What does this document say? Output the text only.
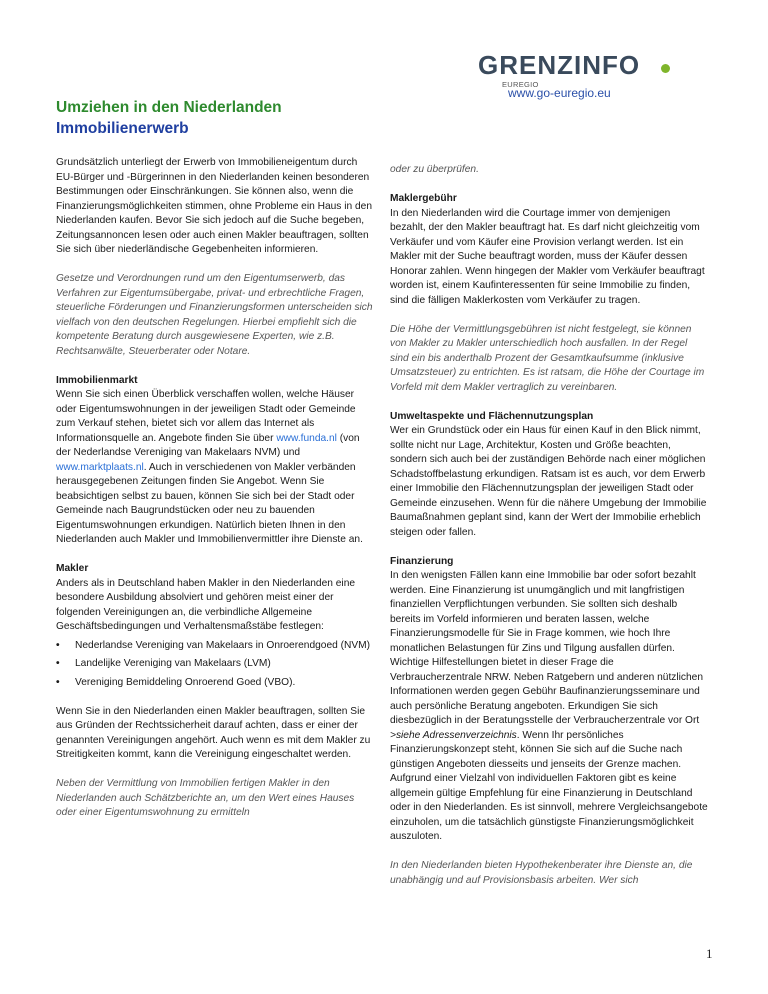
GRENZINFO
EUREGIO
www.go-euregio.eu
Umziehen in den Niederlanden
Immobilienerwerb

Grundsätzlich unterliegt der Erwerb von Immobilieneigentum durch EU-Bürger und -Bürgerinnen in den Niederlanden keinen besonderen Bestimmungen oder Einschränkungen. Sie können also, wenn die Finanzierungsmöglichkeiten stimmen, ohne Probleme ein Haus in den Niederlanden kaufen. Bevor Sie sich jedoch auf die Suche begeben, Zeitungsannoncen lesen oder auch einen Makler beauftragen, sollten Sie sich über niederländische Gegebenheiten informieren.

Gesetze und Verordnungen rund um den Eigentumserwerb, das Verfahren zur Eigentumsübergabe, privat- und erbrechtliche Fragen, steuerliche Förderungen und Finanzierungsformen unterscheiden sich vielfach von den deutschen Regelungen. Hierbei empfiehlt sich die kompetente Beratung durch ausgewiesene Experten, wie z.B. Rechtsanwälte, Steuerberater oder Notare.

Immobilienmarkt

Wenn Sie sich einen Überblick verschaffen wollen, welche Häuser oder Eigentumswohnungen in der jeweiligen Stadt oder Gemeinde zum Verkauf stehen, bietet sich vor allem das Internet als Informationsquelle an. Angebote finden Sie über www.funda.nl (von der Nederlandse Vereniging van Makelaars NVM) und www.marktplaats.nl. Auch in verschiedenen von Makler verbänden herausgegebenen Zeitungen finden Sie Angebot. Wenn Sie beabsichtigen selbst zu bauen, können Sie sich bei der Stadt oder Gemeinde nach Baugrundstücken oder neu zu bauenden Eigentumswohnungen erkundigen. Natürlich bieten Ihnen in den Niederlanden auch Makler und Immobilienvermittler ihre Dienste an.

Makler

Anders als in Deutschland haben Makler in den Niederlanden eine besondere Ausbildung absolviert und gehören meist einer der folgenden Vereinigungen an, die verbindliche Allgemeine Geschäftsbedingungen und Verhaltensmaßstäbe festlegen:

•	Nederlandse Vereniging van Makelaars in Onroerendgoed (NVM)
•	Landelijke Vereniging van Makelaars (LVM)
•	Vereniging Bemiddeling Onroerend Goed (VBO).

Wenn Sie in den Niederlanden einen Makler beauftragen, sollten Sie aus Gründen der Rechtssicherheit darauf achten, dass er einer der genannten Vereinigungen angehört. Auch wenn es mit dem Makler zu Streitigkeiten kommt, kann die Vereinigung eingeschaltet werden.

Neben der Vermittlung von Immobilien fertigen Makler in den Niederlanden auch Schätzberichte an, um den Wert eines Hauses oder einer Eigentumswohnung zu ermitteln

oder zu überprüfen.

Maklergebühr

In den Niederlanden wird die Courtage immer von demjenigen bezahlt, der den Makler beauftragt hat. Es darf nicht gleichzeitig vom Verkäufer und vom Käufer eine Provision verlangt werden. Ist ein Makler mit der Suche beauftragt worden, muss der Käufer dessen Honorar zahlen. Wenn hingegen der Makler vom Verkäufer beauftragt worden ist, einem Kaufinteressenten für seine Immobilie zu finden, sind die fälligen Maklerkosten vom Verkäufer zu tragen.

Die Höhe der Vermittlungsgebühren ist nicht festgelegt, sie können von Makler zu Makler unterschiedlich hoch ausfallen. In der Regel sind ein bis anderthalb Prozent der Gesamtkaufsumme (inklusive Umsatzsteuer) zu entrichten. Es ist ratsam, die Höhe der Courtage im Vorfeld mit dem Makler vertraglich zu vereinbaren.

Umweltaspekte und Flächennutzungsplan

Wer ein Grundstück oder ein Haus für einen Kauf in den Blick nimmt, sollte nicht nur Lage, Architektur, Kosten und Größe beachten, sondern sich auch bei der zuständigen Behörde nach einer möglichen Schadstoffbelastung erkundigen. Ratsam ist es auch, vor dem Erwerb einer Immobilie den Flächennutzungsplan der jeweiligen Stadt oder Gemeinde einzusehen. Wenn für die nähere Umgebung der Immobilie Baumaßnahmen geplant sind, kann der Wert der Immobilie erheblich steigen oder fallen.

Finanzierung

In den wenigsten Fällen kann eine Immobilie bar oder sofort bezahlt werden. Eine Finanzierung ist unumgänglich und mit langfristigen finanziellen Verpflichtungen verbunden. Sie sollten sich deshalb bereits im Vorfeld informieren und beraten lassen, welche Finanzierungsmodelle für Sie in Frage kommen, wie hoch Ihre monatlichen Belastungen für Zins und Tilgung ausfallen dürfen. Wichtige Hilfestellungen bietet in dieser Frage die Verbraucherzentrale NRW. Neben Ratgebern und anderen nützlichen Informationen werden gegen Gebühr Baufinanzierungsseminare und auch persönliche Beratung angeboten. Erkundigen Sie sich diesbezüglich in der Beratungsstelle der Verbraucherzentrale vor Ort >siehe Adressenverzeichnis. Wenn Ihr persönliches Finanzierungskonzept steht, können Sie sich auf die Suche nach günstigen Angeboten diesseits und jenseits der Grenze machen. Aufgrund einer Vielzahl von individuellen Faktoren gibt es keine allgemein gültige Empfehlung für eine Finanzierung in Deutschland oder in den Niederlanden. Es ist sinnvoll, mehrere Vergleichsangebote einzuholen, um die tatsächlich günstigste Finanzierungsmöglichkeit auszuloten.

In den Niederlanden bieten Hypothekenberater ihre Dienste an, die unabhängig und auf Provisionsbasis arbeiten. Wer sich

1
